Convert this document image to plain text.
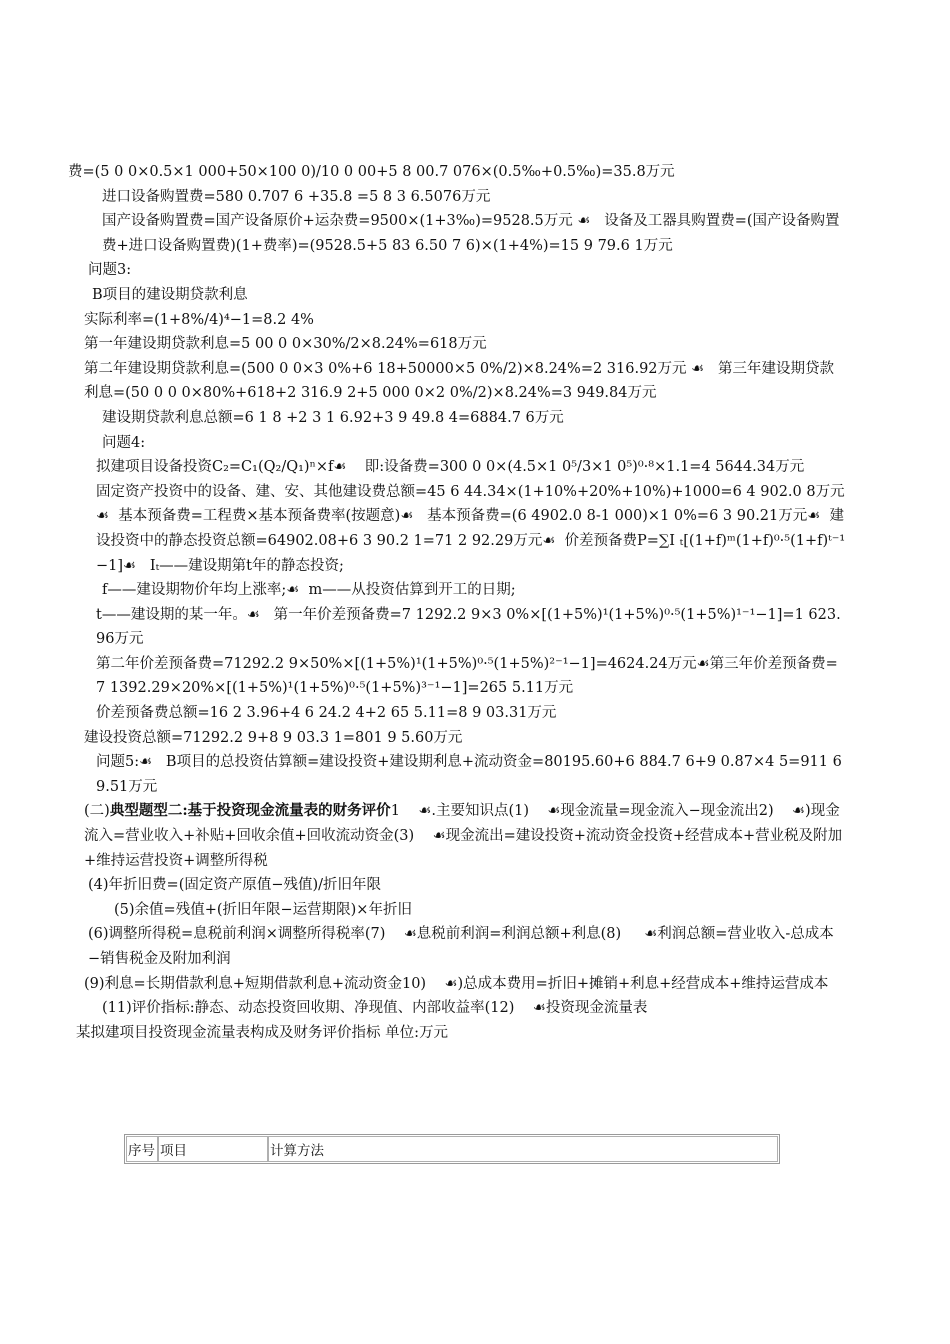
费=(5 0 0×0.5×1 000+50×100 0)/10 0 00+5 8 00.7 076×(0.5‰+0.5‰)=35.8万元

进口设备购置费=580 0.707 6 +35.8 =5 8 3 6.5076万元

国产设备购置费=国产设备原价+运杂费=9500×(1+3‰)=9528.5万元 ☙   设备及工器具购置费=(国产设备购置费+进口设备购置费)(1+费率)=(9528.5+5 83 6.50 7 6)×(1+4%)=15 9 79.6 1万元

问题3:

B项目的建设期贷款利息

实际利率=(1+8%/4)⁴−1=8.2 4%

第一年建设期贷款利息=5 00 0 0×30%/2×8.24%=618万元

第二年建设期贷款利息=(500 0 0×3 0%+6 18+50000×5 0%/2)×8.24%=2 316.92万元 ☙   第三年建设期贷款利息=(50 0 0 0×80%+618+2 316.9 2+5 000 0×2 0%/2)×8.24%=3 949.84万元

建设期贷款利息总额=6 1 8 +2 3 1 6.92+3 9 49.8 4=6884.7 6万元

问题4:

拟建项目设备投资C₂=C₁(Q₂/Q₁)ⁿ×f☙    即:设备费=300 0 0×(4.5×1 0⁵/3×1 0⁵)⁰·⁸×1.1=4 5644.34万元

固定资产投资中的设备、建、安、其他建设费总额=45 6 44.34×(1+10%+20%+10%)+1000=6 4 902.0 8万元☙  基本预备费=工程费×基本预备费率(按题意)☙   基本预备费=(6 4902.0 8-1 000)×1 0%=6 3 90.21万元☙  建设投资中的静态投资总额=64902.08+6 3 90.2 1=71 2 92.29万元☙  价差预备费P=∑I ₜ[(1+f)ᵐ(1+f)⁰·⁵(1+f)ᵗ⁻¹−1]☙   Iₜ——建设期第t年的静态投资;

f——建设期物价年均上涨率;☙  m——从投资估算到开工的日期;

t——建设期的某一年。☙   第一年价差预备费=7 1292.2 9×3 0%×[(1+5%)¹(1+5%)⁰·⁵(1+5%)¹⁻¹−1]=1 623.96万元

第二年价差预备费=71292.2 9×50%×[(1+5%)¹(1+5%)⁰·⁵(1+5%)²⁻¹−1]=4624.24万元☙第三年价差预备费=7 1392.29×20%×[(1+5%)¹(1+5%)⁰·⁵(1+5%)³⁻¹−1]=265 5.11万元

价差预备费总额=16 2 3.96+4 6 24.2 4+2 65 5.11=8 9 03.31万元

建设投资总额=71292.2 9+8 9 03.3 1=801 9 5.60万元

问题5:☙   B项目的总投资估算额=建设投资+建设期利息+流动资金=80195.60+6 884.7 6+9 0.87×4 5=911 6 9.51万元

(二)典型题型二:基于投资现金流量表的财务评价1    ☙.主要知识点(1)    ☙现金流量=现金流入−现金流出2)    ☙)现金流入=营业收入+补贴+回收余值+回收流动资金(3)    ☙现金流出=建设投资+流动资金投资+经营成本+营业税及附加+维持运营投资+调整所得税

(4)年折旧费=(固定资产原值−残值)/折旧年限

(5)余值=残值+(折旧年限−运营期限)×年折旧

(6)调整所得税=息税前利润×调整所得税率(7)    ☙息税前利润=利润总额+利息(8)     ☙利润总额=营业收入-总成本−销售税金及附加利润

(9)利息=长期借款利息+短期借款利息+流动资金10)    ☙)总成本费用=折旧+摊销+利息+经营成本+维持运营成本

(11)评价指标:静态、动态投资回收期、净现值、内部收益率(12)    ☙投资现金流量表

某拟建项目投资现金流量表构成及财务评价指标 单位:万元

序号	项目	计算方法
